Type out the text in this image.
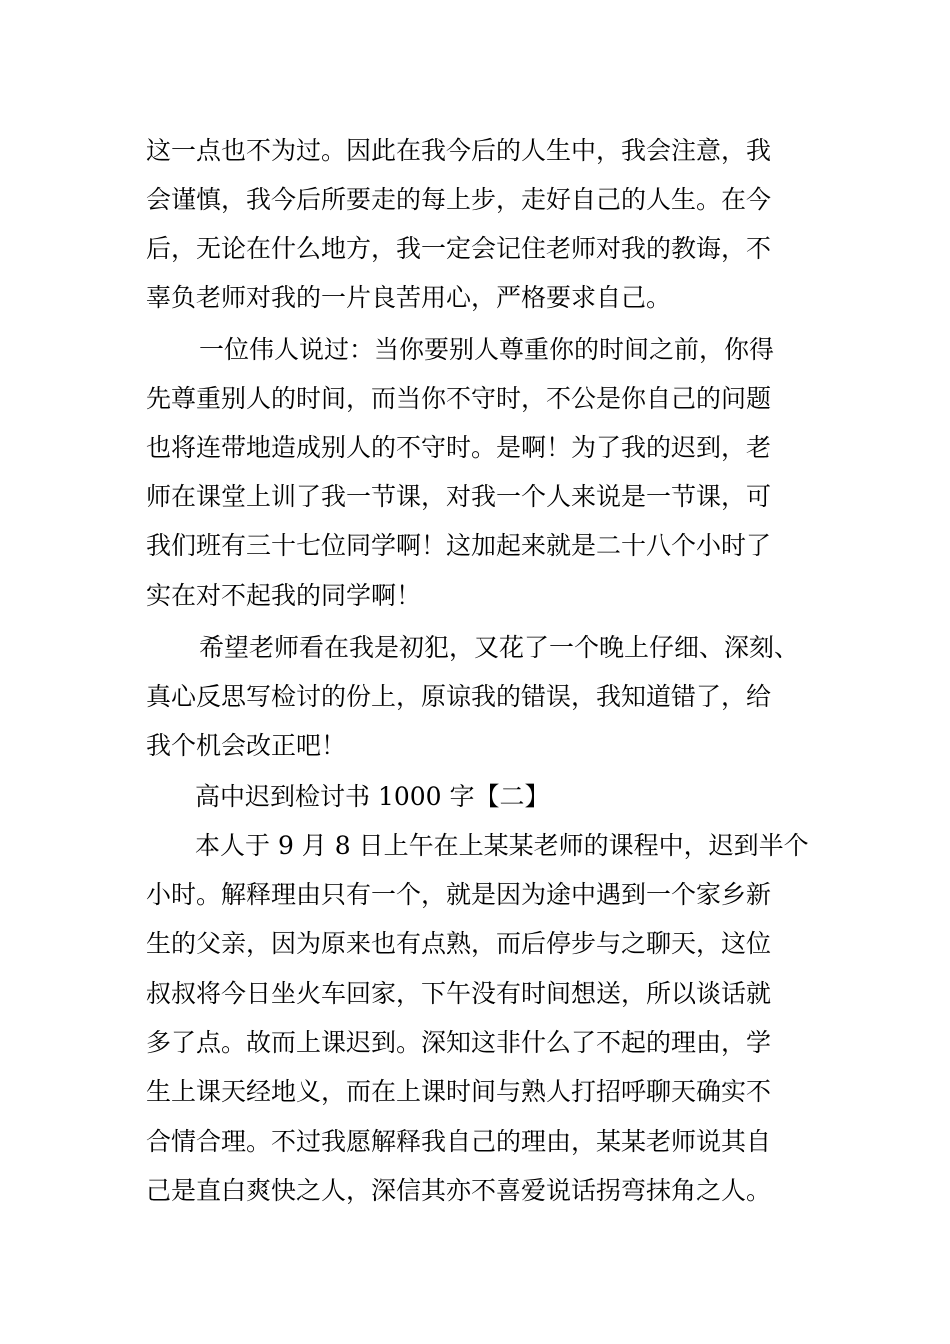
这一点也不为过。因此在我今后的人生中，我会注意，我
会谨慎，我今后所要走的每上步，走好自己的人生。在今
后，无论在什么地方，我一定会记住老师对我的教诲，不
辜负老师对我的一片良苦用心，严格要求自己。
一位伟人说过：当你要别人尊重你的时间之前，你得
先尊重别人的时间，而当你不守时，不公是你自己的问题
也将连带地造成别人的不守时。是啊！为了我的迟到，老
师在课堂上训了我一节课，对我一个人来说是一节课，可
我们班有三十七位同学啊！这加起来就是二十八个小时了
实在对不起我的同学啊！
希望老师看在我是初犯，又花了一个晚上仔细、深刻、
真心反思写检讨的份上，原谅我的错误，我知道错了，给
我个机会改正吧！
高中迟到检讨书 1000 字【二】
本人于 9 月 8 日上午在上某某老师的课程中，迟到半个
小时。解释理由只有一个，就是因为途中遇到一个家乡新
生的父亲，因为原来也有点熟，而后停步与之聊天，这位
叔叔将今日坐火车回家，下午没有时间想送，所以谈话就
多了点。故而上课迟到。深知这非什么了不起的理由，学
生上课天经地义，而在上课时间与熟人打招呼聊天确实不
合情合理。不过我愿解释我自己的理由，某某老师说其自
己是直白爽快之人，深信其亦不喜爱说话拐弯抹角之人。
